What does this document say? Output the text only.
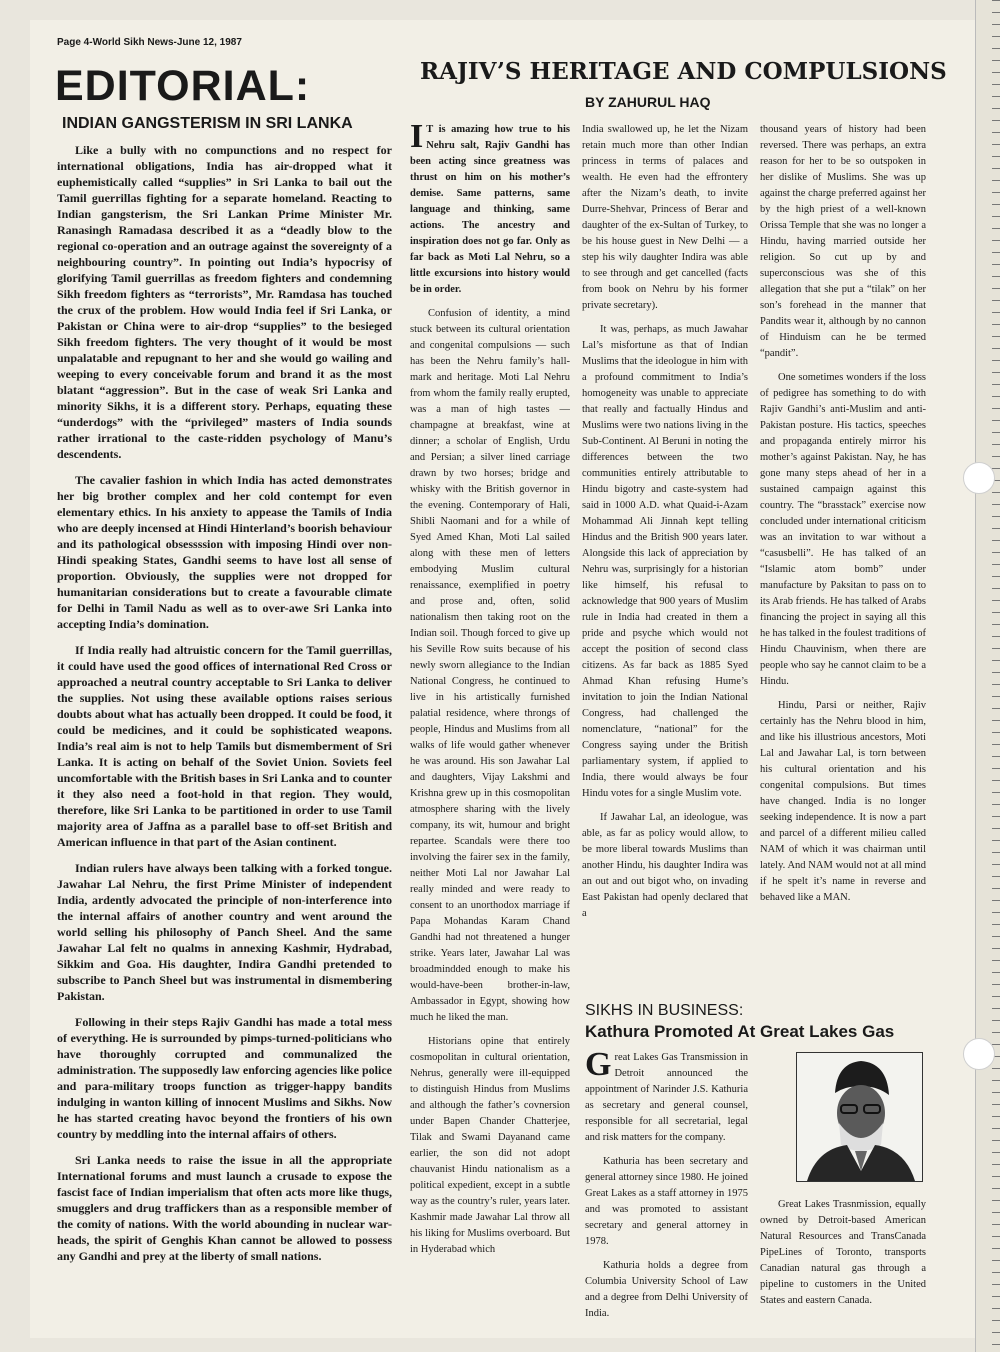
Page 4-World Sikh News-June 12, 1987
EDITORIAL:
INDIAN GANGSTERISM IN SRI LANKA

Like a bully with no compunctions and no respect for international obligations, India has air-dropped what it euphemistically called “supplies” in Sri Lanka to bail out the Tamil guerrillas fighting for a separate homeland. Reacting to Indian gangsterism, the Sri Lankan Prime Minister Mr. Ranasingh Ramadasa described it as a “deadly blow to the regional co-operation and an outrage against the sovereignty of a neighbouring country”. In pointing out India’s hypocrisy of glorifying Tamil guerrillas as freedom fighters and condemning Sikh freedom fighters as “terrorists”, Mr. Ramdasa has touched the crux of the problem. How would India feel if Sri Lanka, or Pakistan or China were to air-drop “supplies” to the besieged Sikh freedom fighters. The very thought of it would be most unpalatable and repugnant to her and she would go wailing and weeping to every conceivable forum and brand it as the most blatant “aggression”. But in the case of weak Sri Lanka and minority Sikhs, it is a different story. Perhaps, equating these “underdogs” with the “privileged” masters of India sounds rather irrational to the caste-ridden psychology of Manu’s descendents.

The cavalier fashion in which India has acted demonstrates her big brother complex and her cold contempt for even elementary ethics. In his anxiety to appease the Tamils of India who are deeply incensed at Hindi Hinterland’s boorish behaviour and its pathological obsessssion with imposing Hindi over non-Hindi speaking States, Gandhi seems to have lost all sense of proportion. Obviously, the supplies were not dropped for humanitarian considerations but to create a favourable climate for Delhi in Tamil Nadu as well as to over-awe Sri Lanka into accepting India’s domination.

If India really had altruistic concern for the Tamil guerrillas, it could have used the good offices of international Red Cross or approached a neutral country acceptable to Sri Lanka to deliver the supplies. Not using these available options raises serious doubts about what has actually been dropped. It could be food, it could be medicines, and it could be sophisticated weapons. India’s real aim is not to help Tamils but dismemberment of Sri Lanka. It is acting on behalf of the Soviet Union. Soviets feel uncomfortable with the British bases in Sri Lanka and to counter it they also need a foot-hold in that region. They would, therefore, like Sri Lanka to be partitioned in order to use Tamil majority area of Jaffna as a parallel base to off-set British and American influence in that part of the Asian continent.

Indian rulers have always been talking with a forked tongue. Jawahar Lal Nehru, the first Prime Minister of independent India, ardently advocated the principle of non-interference into the internal affairs of another country and went around the world selling his philosophy of Panch Sheel. And the same Jawahar Lal felt no qualms in annexing Kashmir, Hydrabad, Sikkim and Goa. His daughter, Indira Gandhi pretended to subscribe to Panch Sheel but was instrumental in dismembering Pakistan.

Following in their steps Rajiv Gandhi has made a total mess of everything. He is surrounded by pimps-turned-politicians who have thoroughly corrupted and communalized the administration. The supposedly law enforcing agencies like police and para-military troops function as trigger-happy bandits indulging in wanton killing of innocent Muslims and Sikhs. Now he has started creating havoc beyond the frontiers of his own country by meddling into the internal affairs of others.

Sri Lanka needs to raise the issue in all the appropriate International forums and must launch a crusade to expose the fascist face of Indian imperialism that often acts more like thugs, smugglers and drug traffickers than as a responsible member of the comity of nations. With the world abounding in nuclear war-heads, the spirit of Genghis Khan cannot be allowed to possess any Gandhi and prey at the liberty of small nations.

RAJIV’S HERITAGE AND COMPULSIONS
BY ZAHURUL HAQ

I T is amazing how true to his Nehru salt, Rajiv Gandhi has been acting since greatness was thrust on him on his mother’s demise. Same patterns, same language and thinking, same actions. The ancestry and inspiration does not go far. Only as far back as Moti Lal Nehru, so a little excursions into history would be in order.

Confusion of identity, a mind stuck between its cultural orientation and congenital compulsions — such has been the Nehru family’s hall-mark and heritage. Moti Lal Nehru from whom the family really erupted, was a man of high tastes — champagne at breakfast, wine at dinner; a scholar of English, Urdu and Persian; a silver lined carriage drawn by two horses; bridge and whisky with the British governor in the evening. Contemporary of Hali, Shibli Naomani and for a while of Syed Amed Khan, Moti Lal sailed along with these men of letters embodying Muslim cultural renaissance, exemplified in poetry and prose and, often, solid nationalism then taking root on the Indian soil. Though forced to give up his Seville Row suits because of his newly sworn allegiance to the Indian National Congress, he continued to live in his artistically furnished palatial residence, where throngs of people, Hindus and Muslims from all walks of life would gather whenever he was around. His son Jawahar Lal and daughters, Vijay Lakshmi and Krishna grew up in this cosmopolitan atmosphere sharing with the lively company, its wit, humour and bright repartee. Scandals were there too involving the fairer sex in the family, neither Moti Lal nor Jawahar Lal really minded and were ready to consent to an unorthodox marriage if Papa Mohandas Karam Chand Gandhi had not threatened a hunger strike. Years later, Jawahar Lal was broadmindded enough to make his would-have-been brother-in-law, Ambassador in Egypt, showing how much he liked the man.

Historians opine that entirely cosmopolitan in cultural orientation, Nehrus, generally were ill-equipped to distinguish Hindus from Muslims and although the father’s covnersion under Bapen Chander Chatterjee, Tilak and Swami Dayanand came earlier, the son did not adopt chauvanist Hindu nationalism as a political expedient, except in a subtle way as the country’s ruler, years later. Kashmir made Jawahar Lal throw all his liking for Muslims overboard. But in Hyderabad which

India swallowed up, he let the Nizam retain much more than other Indian princess in terms of palaces and wealth. He even had the effrontery after the Nizam’s death, to invite Durre-Shehvar, Princess of Berar and daughter of the ex-Sultan of Turkey, to be his house guest in New Delhi — a step his wily daughter Indira was able to see through and get cancelled (facts from book on Nehru by his former private secretary).

It was, perhaps, as much Jawahar Lal’s misfortune as that of Indian Muslims that the ideologue in him with a profound commitment to India’s homogeneity was unable to appreciate that really and factually Hindus and Muslims were two nations living in the Sub-Continent. Al Beruni in noting the differences between the two communities entirely attributable to Hindu bigotry and caste-system had said in 1000 A.D. what Quaid-i-Azam Mohammad Ali Jinnah kept telling Hindus and the British 900 years later. Alongside this lack of appreciation by Nehru was, surprisingly for a historian like himself, his refusal to acknowledge that 900 years of Muslim rule in India had created in them a pride and psyche which would not accept the position of second class citizens. As far back as 1885 Syed Ahmad Khan refusing Hume’s invitation to join the Indian National Congress, had challenged the nomenclature, “national” for the Congress saying under the British parliamentary system, if applied to India, there would always be four Hindu votes for a single Muslim vote.

If Jawahar Lal, an ideologue, was able, as far as policy would allow, to be more liberal towards Muslims than another Hindu, his daughter Indira was an out and out bigot who, on invading East Pakistan had openly declared that a

thousand years of history had been reversed. There was perhaps, an extra reason for her to be so outspoken in her dislike of Muslims. She was up against the charge preferred against her by the high priest of a well-known Orissa Temple that she was no longer a Hindu, having married outside her religion. So cut up by and superconscious was she of this allegation that she put a “tilak” on her son’s forehead in the manner that Pandits wear it, although by no cannon of Hinduism can he be termed “pandit”.

One sometimes wonders if the loss of pedigree has something to do with Rajiv Gandhi’s anti-Muslim and anti-Pakistan posture. His tactics, speeches and propaganda entirely mirror his mother’s against Pakistan. Nay, he has gone many steps ahead of her in a sustained campaign against this country. The “brasstack” exercise now concluded under international criticism was an invitation to war without a “casusbelli”. He has talked of an “Islamic atom bomb” under manufacture by Paksitan to pass on to its Arab friends. He has talked of Arabs financing the project in saying all this he has talked in the foulest traditions of Hindu Chauvinism, when there are people who say he cannot claim to be a Hindu.

Hindu, Parsi or neither, Rajiv certainly has the Nehru blood in him, and like his illustrious ancestors, Moti Lal and Jawahar Lal, is torn between his cultural orientation and his congenital compulsions. But times have changed. India is no longer seeking independence. It is now a part and parcel of a different milieu called NAM of which it was chairman until lately. And NAM would not at all mind if he spelt it’s name in reverse and behaved like a MAN.

SIKHS IN BUSINESS:
Kathura Promoted At Great Lakes Gas

Great Lakes Gas Transmission in Detroit announced the appointment of Narinder J.S. Kathuria as secretary and general counsel, responsible for all secretarial, legal and risk matters for the company.

Kathuria has been secretary and general attorney since 1980. He joined Great Lakes as a staff attorney in 1975 and was promoted to assistant secretary and general attorney in 1978.

Kathuria holds a degree from Columbia University School of Law and a degree from Delhi University of India.

Great Lakes Trasnmission, equally owned by Detroit-based American Natural Resources and TransCanada PipeLines of Toronto, transports Canadian natural gas through a pipeline to customers in the United States and eastern Canada.
